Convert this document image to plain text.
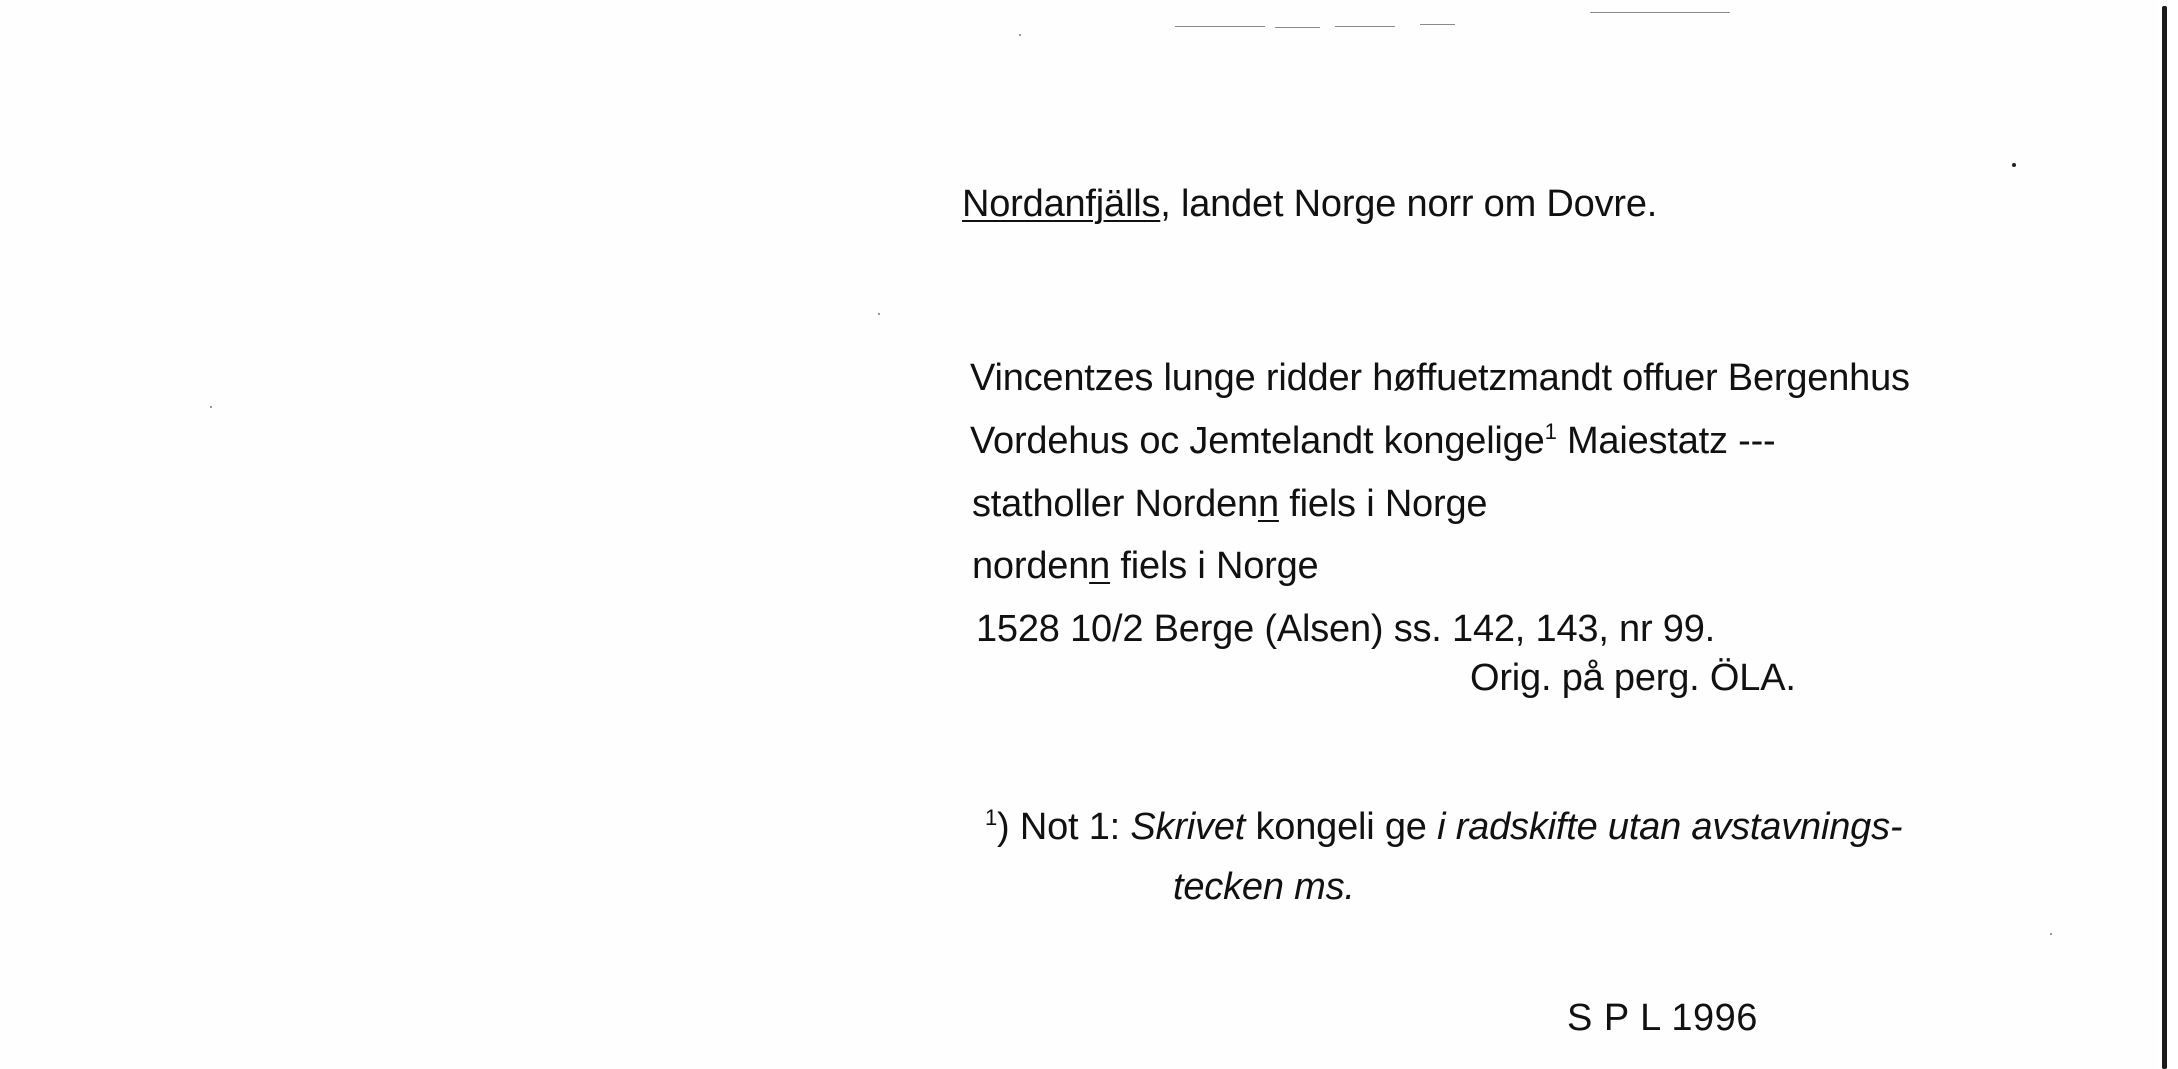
Nordanfjälls, landet Norge norr om Dovre.
Vincentzes lunge ridder høffuetzmandt offuer Bergenhus
Vordehus oc Jemtelandt kongelige$^1$ Maiestatz ---
statholler Nordenn fiels i Norge
nordenn fiels i Norge
1528 10/2 Berge (Alsen) ss. 142, 143, nr 99.
Orig. på perg. ÖLA.
$^1$) Not 1: Skrivet kongeli ge i radskifte utan avstavnings-
tecken ms.
S P L 1996
